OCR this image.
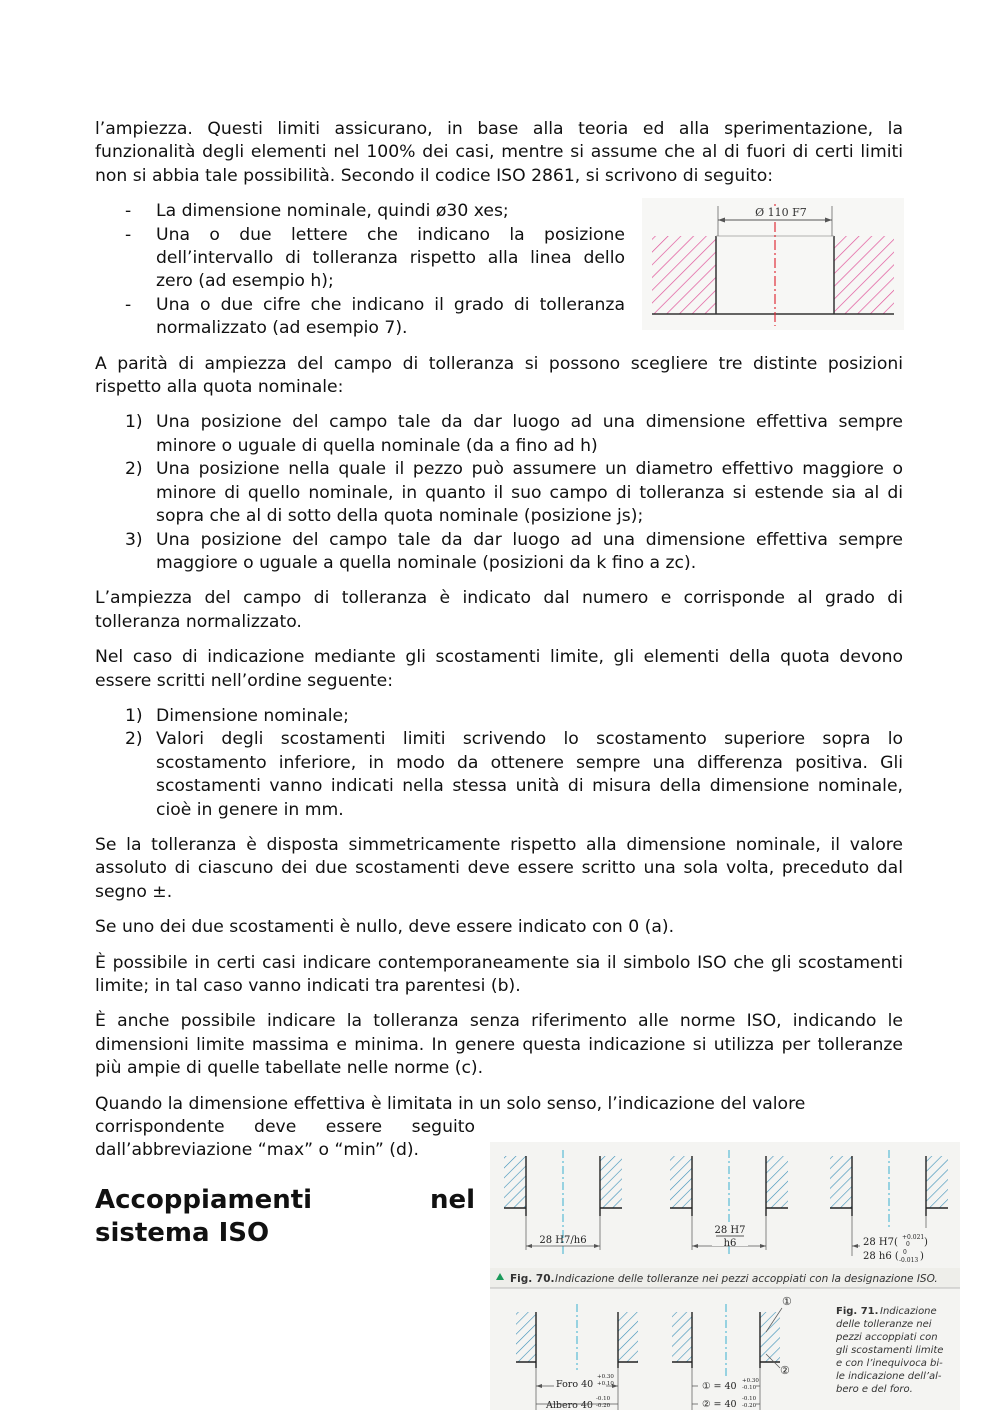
l’ampiezza. Questi limiti assicurano, in base alla teoria ed alla sperimentazione, la funzionalità degli elementi nel 100% dei casi, mentre si assume che al di fuori di certi limiti non si abbia tale possibilità. Secondo il codice ISO 2861, si scrivono di seguito:

- La dimensione nominale, quindi ø30 xes;
- Una o due lettere che indicano la posizione dell’intervallo di tolleranza rispetto alla linea dello zero (ad esempio h);
- Una o due cifre che indicano il grado di tolleranza normalizzato (ad esempio 7).

A parità di ampiezza del campo di tolleranza si possono scegliere tre distinte posizioni rispetto alla quota nominale:

1) Una posizione del campo tale da dar luogo ad una dimensione effettiva sempre minore o uguale di quella nominale (da a fino ad h)
2) Una posizione nella quale il pezzo può assumere un diametro effettivo maggiore o minore di quello nominale, in quanto il suo campo di tolleranza si estende sia al di sopra che al di sotto della quota nominale (posizione js);
3) Una posizione del campo tale da dar luogo ad una dimensione effettiva sempre maggiore o uguale a quella nominale (posizioni da k fino a zc).

L’ampiezza del campo di tolleranza è indicato dal numero e corrisponde al grado di tolleranza normalizzato.

Nel caso di indicazione mediante gli scostamenti limite, gli elementi della quota devono essere scritti nell’ordine seguente:

1) Dimensione nominale;
2) Valori degli scostamenti limiti scrivendo lo scostamento superiore sopra lo scostamento inferiore, in modo da ottenere sempre una differenza positiva. Gli scostamenti vanno indicati nella stessa unità di misura della dimensione nominale, cioè in genere in mm.

Se la tolleranza è disposta simmetricamente rispetto alla dimensione nominale, il valore assoluto di ciascuno dei due scostamenti deve essere scritto una sola volta, preceduto dal segno ±.

Se uno dei due scostamenti è nullo, deve essere indicato con 0 (a).

È possibile in certi casi indicare contemporaneamente sia il simbolo ISO che gli scostamenti limite; in tal caso vanno indicati tra parentesi (b).

È anche possibile indicare la tolleranza senza riferimento alle norme ISO, indicando le dimensioni limite massima e minima. In genere questa indicazione si utilizza per tolleranze più ampie di quelle tabellate nelle norme (c).

Quando la dimensione effettiva è limitata in un solo senso, l’indicazione del valore

corrispondente deve essere seguito dall’abbreviazione “max” o “min” (d).

Ø 110 F7
Accoppiamenti	nel
sistema ISO	28 H7/h6
28 H7
h6	28 H7( +0.021
0 )
28 h6 ( 0
-0.013 )
Fig. 70. Indicazione delle tolleranze nei pezzi accoppiati con la designazione ISO.
Foro 40
+0.30
+0.10
Albero 40
-0.10
-0.20
①
②
① = 40 +0.30
-0.10
② = 40 -0.10
-0.20
Fig. 71. Indicazione
delle tolleranze nei
pezzi accoppiati con
gli scostamenti limite
e con l’inequivoca bi-
le indicazione dell’al-
bero e del foro.
